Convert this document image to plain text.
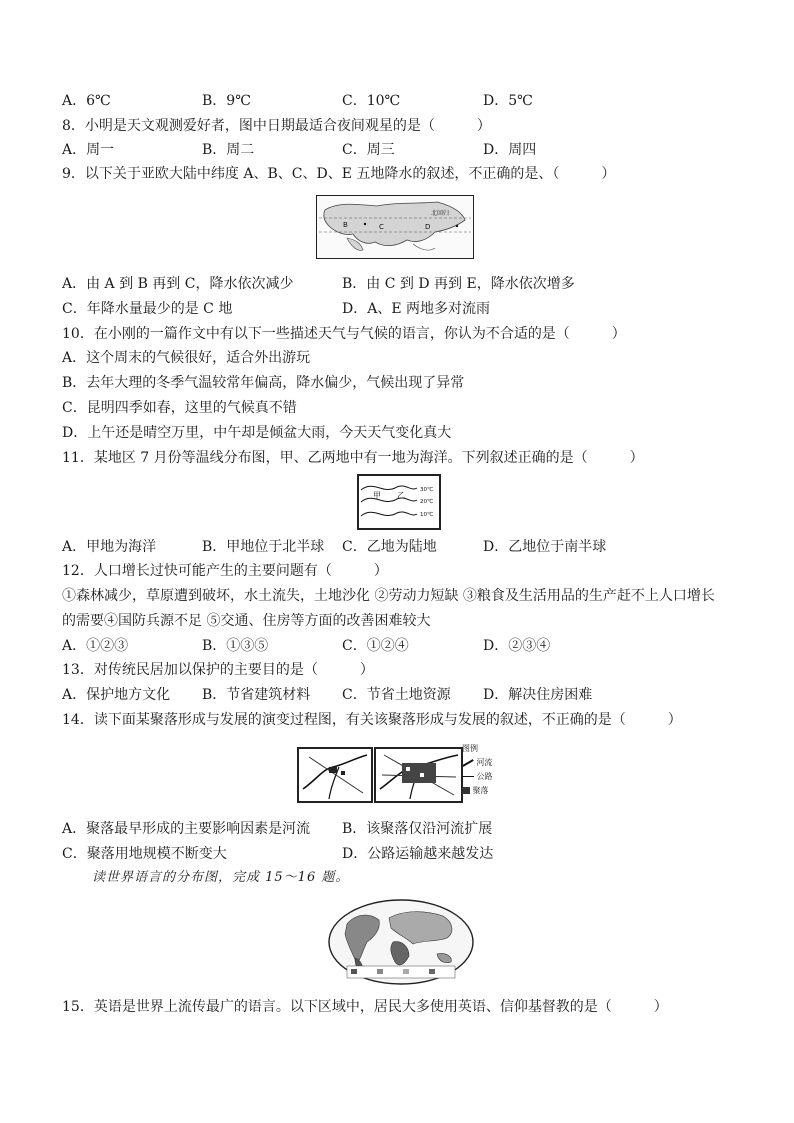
A．6℃	B．9℃	C．10℃	D．5℃
8．小明是天文观测爱好者，图中日期最适合夜间观星的是（　　　）
A．周一	B．周二	C．周三	D．周四
9．以下关于亚欧大陆中纬度 A、B、C、D、E 五地降水的叙述，不正确的是、（　　　）
北回归
B	C	D
A．由 A 到 B 再到 C，降水依次减少	B．由 C 到 D 再到 E，降水依次增多
C．年降水量最少的是 C 地	D．A、E 两地多对流雨
10．在小刚的一篇作文中有以下一些描述天气与气候的语言，你认为不合适的是（　　　）
A．这个周末的气候很好，适合外出游玩
B．去年大理的冬季气温较常年偏高，降水偏少，气候出现了异常
C．昆明四季如春，这里的气候真不错
D．上午还是晴空万里，中午却是倾盆大雨，今天天气变化真大
11．某地区 7 月份等温线分布图，甲、乙两地中有一地为海洋。下列叙述正确的是（　　　）
甲 乙
30℃
20℃
10℃
A．甲地为海洋	B．甲地位于北半球 C．乙地为陆地	D．乙地位于南半球
12．人口增长过快可能产生的主要问题有（　　　）
①森林减少，草原遭到破坏，水土流失，土地沙化 ②劳动力短缺 ③粮食及生活用品的生产赶不上人口增长
的需要④国防兵源不足 ⑤交通、住房等方面的改善困难较大
A．①②③	B．①③⑤	C．①②④	D．②③④
13．对传统民居加以保护的主要目的是（　　　）
A．保护地方文化 B．节省建筑材料 C．节省土地资源 D．解决住房困难
14．读下面某聚落形成与发展的演变过程图，有关该聚落形成与发展的叙述，不正确的是（　　　）
图例
河流
公路
聚落
A．聚落最早形成的主要影响因素是河流 B．该聚落仅沿河流扩展
C．聚落用地规模不断变大	D．公路运输越来越发达
读世界语言的分布图，完成 15～16 题。
15．英语是世界上流传最广的语言。以下区域中，居民大多使用英语、信仰基督教的是（　　　）
